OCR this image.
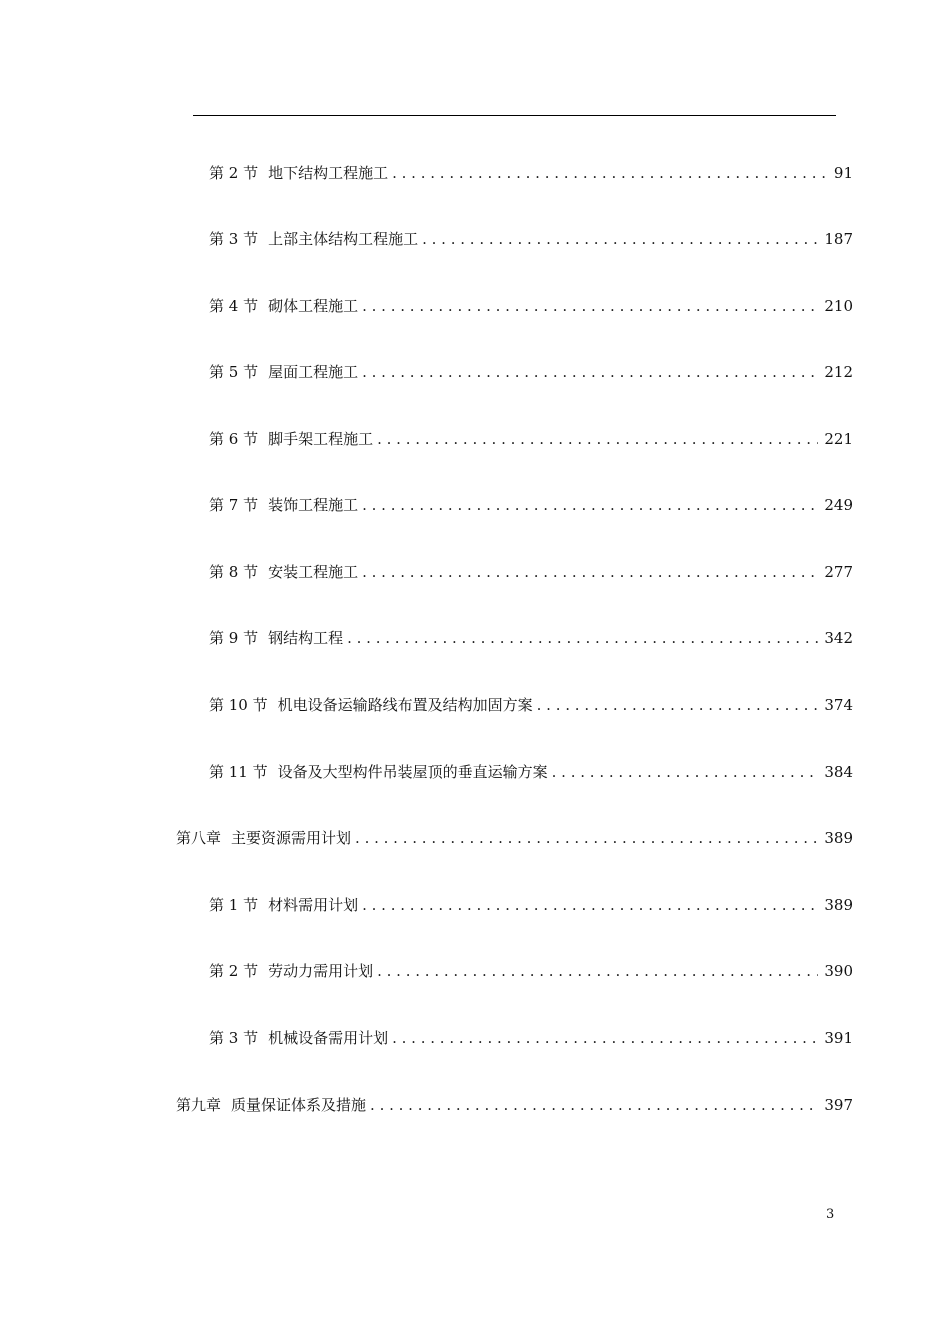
第 2 节 地下结构工程施工 . . .	91
第 3 节 上部主体结构工程施工 . . .	187
第 4 节 砌体工程施工 . . .	210
第 5 节 屋面工程施工 . . .	212
第 6 节 脚手架工程施工 . . .	221
第 7 节 装饰工程施工 . . .	249
第 8 节 安装工程施工 . . .	277
第 9 节 钢结构工程 . . .	342
第 10 节 机电设备运输路线布置及结构加固方案 . . .	374
第 11 节 设备及大型构件吊装屋顶的垂直运输方案 . . .	384
第八章 主要资源需用计划 . . .	389
第 1 节 材料需用计划 . . .	389
第 2 节 劳动力需用计划 . . .	390
第 3 节 机械设备需用计划 . . .	391
第九章 质量保证体系及措施 . . .	397
3
